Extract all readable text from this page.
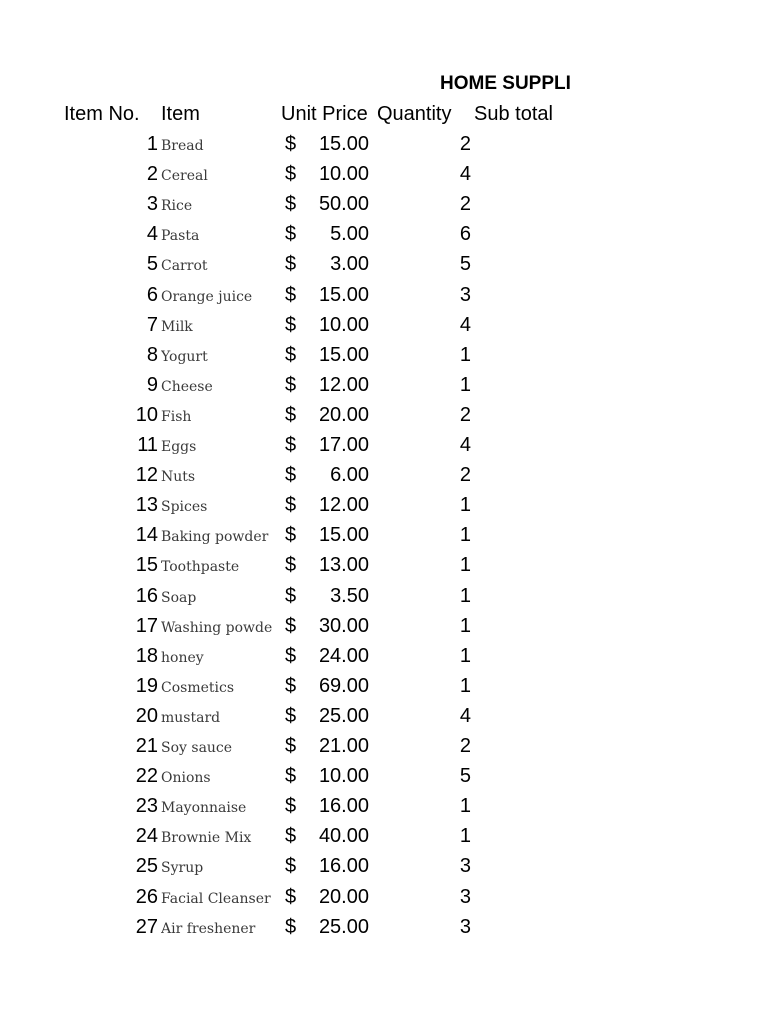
HOME SUPPLI
Item No. Item	Unit Price Quantity Sub total
1 Bread	$ 15.00	2
2 Cereal	$ 10.00	4
3 Rice	$ 50.00	2
4 Pasta	$ 5.00	6
5 Carrot	$ 3.00	5
6 Orange juice	$ 15.00	3
7 Milk	$ 10.00	4
8 Yogurt	$ 15.00	1
9 Cheese	$ 12.00	1
10 Fish	$ 20.00	2
11 Eggs	$ 17.00	4
12 Nuts	$ 6.00	2
13 Spices	$ 12.00	1
14 Baking powder $ 15.00	1
15 Toothpaste	$ 13.00	1
16 Soap	$ 3.50	1
17 Washing powde $ 30.00	1
18 honey	$ 24.00	1
19 Cosmetics	$ 69.00	1
20 mustard	$ 25.00	4
21 Soy sauce	$ 21.00	2
22 Onions	$ 10.00	5
23 Mayonnaise	$ 16.00	1
24 Brownie Mix	$ 40.00	1
25 Syrup	$ 16.00	3
26 Facial Cleanser $ 20.00	3
27 Air freshener	$ 25.00	3
